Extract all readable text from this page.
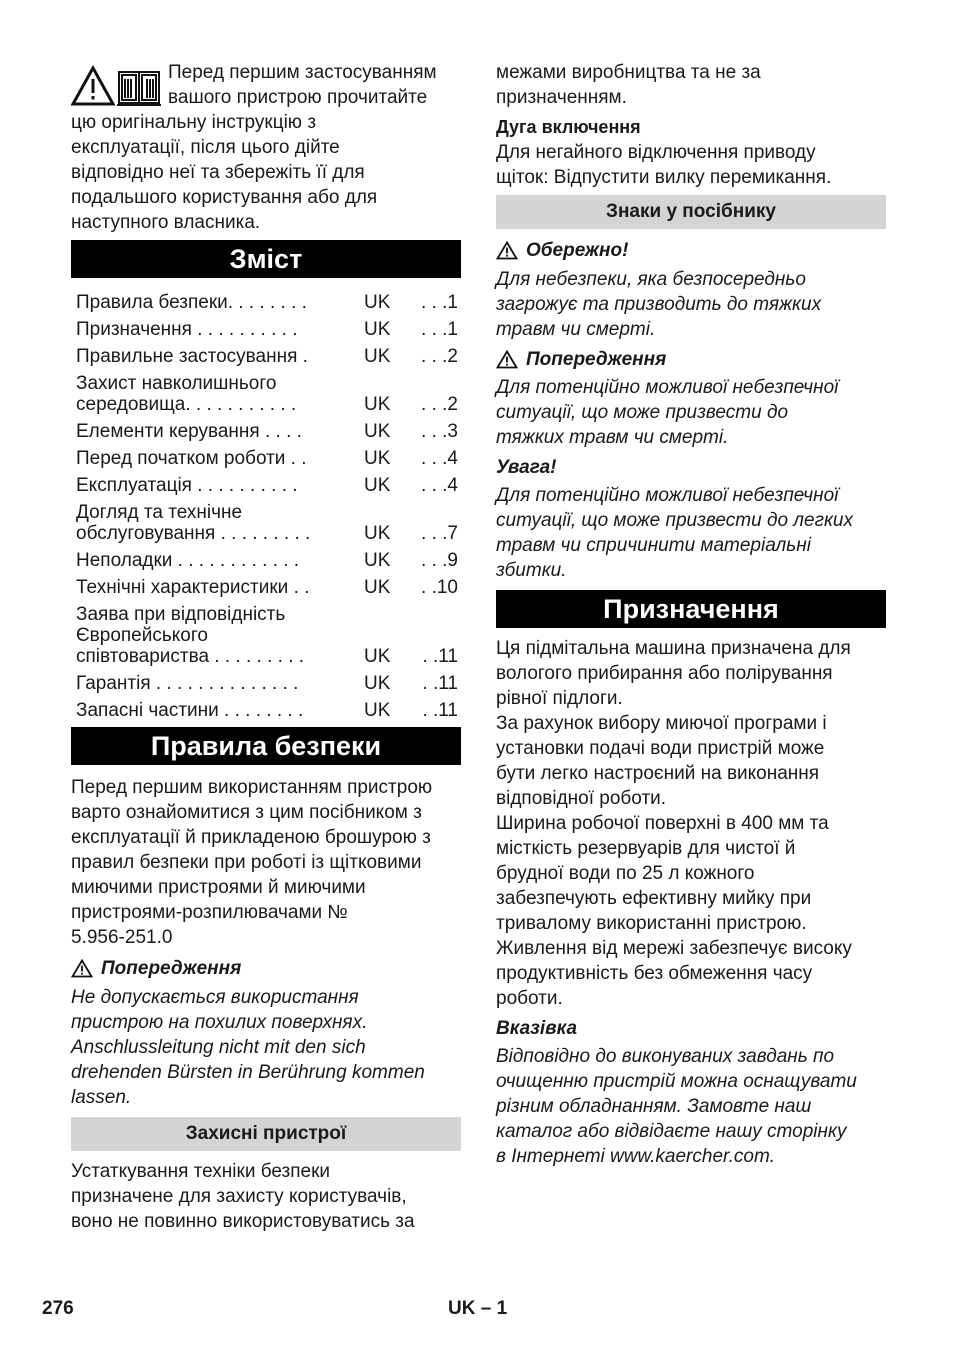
Перед першим застосуванням
вашого пристрою прочитайте
цю оригінальну інструкцію з
експлуатації, після цього дійте
відповідно неї та збережіть її для
подальшого користування або для
наступного власника.
Зміст
Правила безпеки. . . . . . . .	UK	. . .1
Призначення . . . . . . . . . .	UK	. . .1
Правильне застосування .	UK	. . .2
Захист навколишнього
середовища. . . . . . . . . . .	UK	. . .2
Елементи керування . . . .	UK	. . .3
Перед початком роботи . .	UK	. . .4
Експлуатація . . . . . . . . . .	UK	. . .4
Догляд та технічне
обслуговування . . . . . . . . .	UK	. . .7
Неполадки . . . . . . . . . . . .	UK	. . .9
Технічні характеристики . .	UK	. .10
Заява при відповідність
Європейського
співтовариства . . . . . . . . .	UK	. .11
Гарантія . . . . . . . . . . . . . .	UK	. .11
Запасні частини . . . . . . . .	UK	. .11
Правила безпеки

Перед першим використанням пристрою

варто ознайомитися з цим посібником з

експлуатації й прикладеною брошурою з

правил безпеки при роботі із щітковими

миючими пристроями й миючими

пристроями-розпилювачами №

5.956-251.0

Попередження

Не допускається використання

пристрою на похилих поверхнях.

Anschlussleitung nicht mit den sich

drehenden Bürsten in Berührung kommen

lassen.

Захисні пристрої

Устаткування техніки безпеки

призначене для захисту користувачів,

воно не повинно використовуватись за

межами виробництва та не за

призначенням.

Дуга включення

Для негайного відключення приводу

щіток: Відпустити вилку перемикання.

Знаки у посібнику
Обережно!

Для небезпеки, яка безпосередньо

загрожує та призводить до тяжких

травм чи смерті.

Попередження

Для потенційно можливої небезпечної

ситуації, що може призвести до

тяжких травм чи смерті.

Увага!

Для потенційно можливої небезпечної

ситуації, що може призвести до легких

травм чи спричинити матеріальні

збитки.

Призначення

Ця підмітальна машина призначена для

вологого прибирання або полірування

рівної підлоги.

За рахунок вибору миючої програми і

установки подачі води пристрій може

бути легко настроєний на виконання

відповідної роботи.

Ширина робочої поверхні в 400 мм та

місткість резервуарів для чистої й

брудної води по 25 л кожного

забезпечують ефективну мийку при

тривалому використанні пристрою.

Живлення від мережі забезпечує високу

продуктивність без обмеження часу

роботи.

Вказівка

Відповідно до виконуваних завдань по

очищенню пристрій можна оснащувати

різним обладнанням. Замовте наш

каталог або відвідаєте нашу сторінку

в Інтернеті www.kaercher.com.

276	UK – 1
